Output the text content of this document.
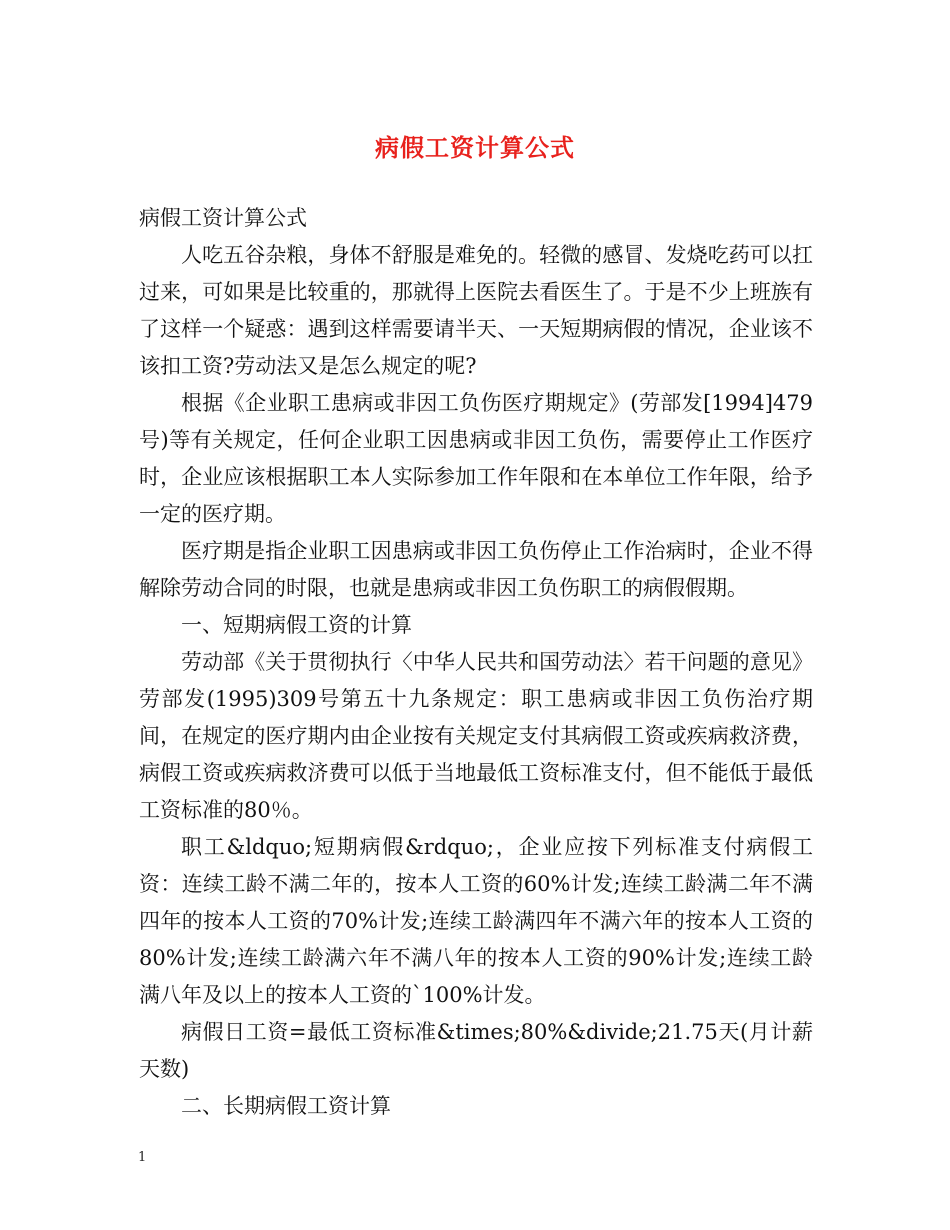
病假工资计算公式

病假工资计算公式

人吃五谷杂粮，身体不舒服是难免的。轻微的感冒、发烧吃药可以扛过来，可如果是比较重的，那就得上医院去看医生了。于是不少上班族有了这样一个疑惑：遇到这样需要请半天、一天短期病假的情况，企业该不该扣工资?劳动法又是怎么规定的呢?

根据《企业职工患病或非因工负伤医疗期规定》(劳部发[1994]479号)等有关规定，任何企业职工因患病或非因工负伤，需要停止工作医疗时，企业应该根据职工本人实际参加工作年限和在本单位工作年限，给予一定的医疗期。

医疗期是指企业职工因患病或非因工负伤停止工作治病时，企业不得解除劳动合同的时限，也就是患病或非因工负伤职工的病假假期。

一、短期病假工资的计算

劳动部《关于贯彻执行〈中华人民共和国劳动法〉若干问题的意见》劳部发(1995)309号第五十九条规定：职工患病或非因工负伤治疗期间，在规定的医疗期内由企业按有关规定支付其病假工资或疾病救济费，病假工资或疾病救济费可以低于当地最低工资标准支付，但不能低于最低工资标准的80％。

职工&ldquo;短期病假&rdquo;，企业应按下列标准支付病假工资：连续工龄不满二年的，按本人工资的60%计发;连续工龄满二年不满四年的按本人工资的70%计发;连续工龄满四年不满六年的按本人工资的80%计发;连续工龄满六年不满八年的按本人工资的90%计发;连续工龄满八年及以上的按本人工资的`100%计发。

病假日工资=最低工资标准&times;80%&divide;21.75天(月计薪天数)

二、长期病假工资计算

1
